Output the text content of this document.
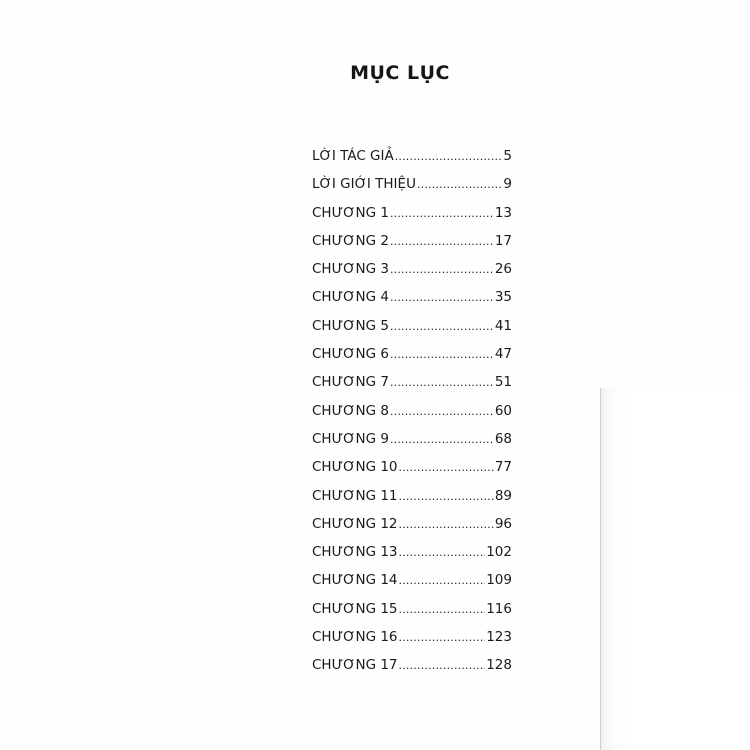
MỤC LỤC
LỜI TÁC GIẢ .....	5
LỜI GIỚI THIỆU .....	9
CHƯƠNG 1 .....	13
CHƯƠNG 2 .....	17
CHƯƠNG 3 .....	26
CHƯƠNG 4 .....	35
CHƯƠNG 5 .....	41
CHƯƠNG 6 .....	47
CHƯƠNG 7 .....	51
CHƯƠNG 8 .....	60
CHƯƠNG 9 .....	68
CHƯƠNG 10 .....	77
CHƯƠNG 11 .....	89
CHƯƠNG 12 .....	96
CHƯƠNG 13 .....	102
CHƯƠNG 14 .....	109
CHƯƠNG 15 .....	116
CHƯƠNG 16 .....	123
CHƯƠNG 17 .....	128
